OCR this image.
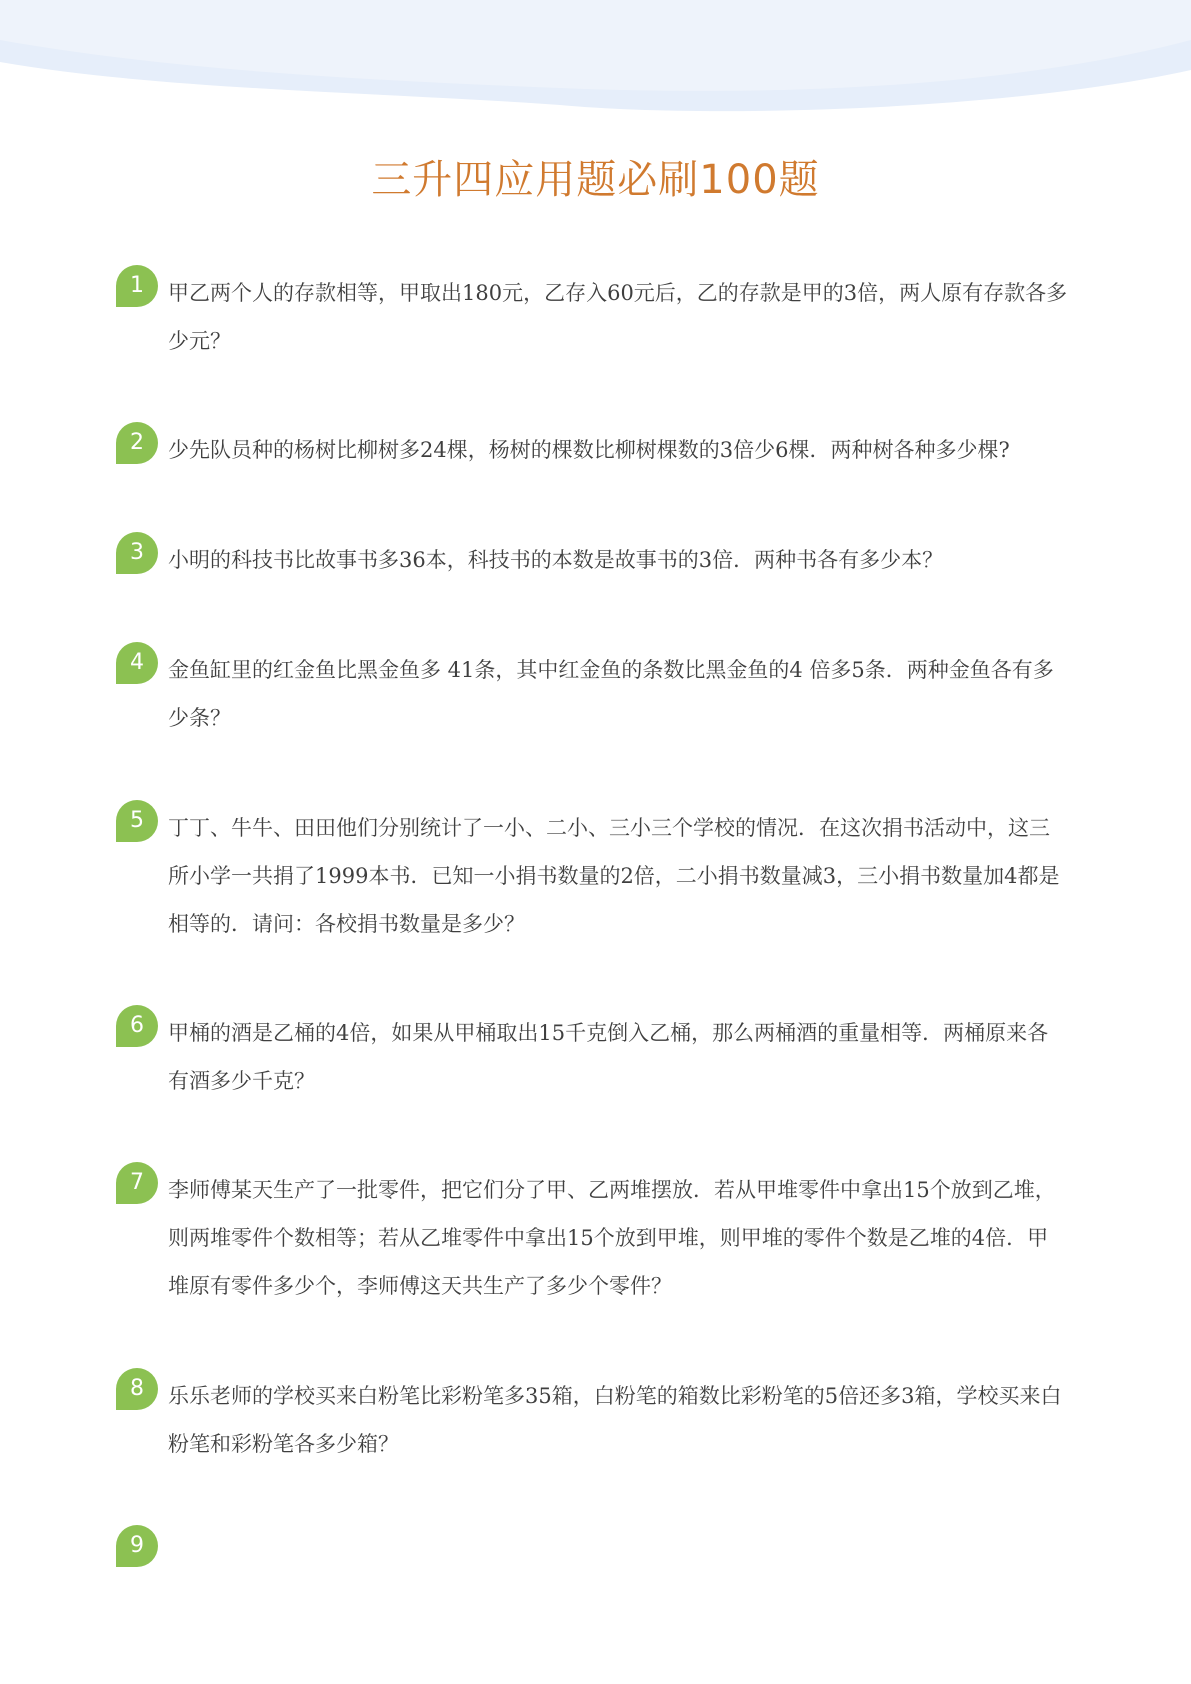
三升四应用题必刷100题
1	甲乙两个人的存款相等，甲取出180元，乙存入60元后，乙的存款是甲的3倍，两人原有存款各多少元？

2	少先队员种的杨树比柳树多24棵，杨树的棵数比柳树棵数的3倍少6棵．两种树各种多少棵?

3	小明的科技书比故事书多36本，科技书的本数是故事书的3倍．两种书各有多少本？

4	金鱼缸里的红金鱼比黑金鱼多 41条，其中红金鱼的条数比黑金鱼的4 倍多5条．两种金鱼各有多少条？

5	丁丁、牛牛、田田他们分别统计了一小、二小、三小三个学校的情况．在这次捐书活动中，这三所小学一共捐了1999本书．已知一小捐书数量的2倍，二小捐书数量减3，三小捐书数量加4都是相等的．请问：各校捐书数量是多少？

6	甲桶的酒是乙桶的4倍，如果从甲桶取出15千克倒入乙桶，那么两桶酒的重量相等．两桶原来各有酒多少千克？

7	李师傅某天生产了一批零件，把它们分了甲、乙两堆摆放．若从甲堆零件中拿出15个放到乙堆，则两堆零件个数相等；若从乙堆零件中拿出15个放到甲堆，则甲堆的零件个数是乙堆的4倍．甲堆原有零件多少个，李师傅这天共生产了多少个零件？

8	乐乐老师的学校买来白粉笔比彩粉笔多35箱，白粉笔的箱数比彩粉笔的5倍还多3箱，学校买来白粉笔和彩粉笔各多少箱？

9
